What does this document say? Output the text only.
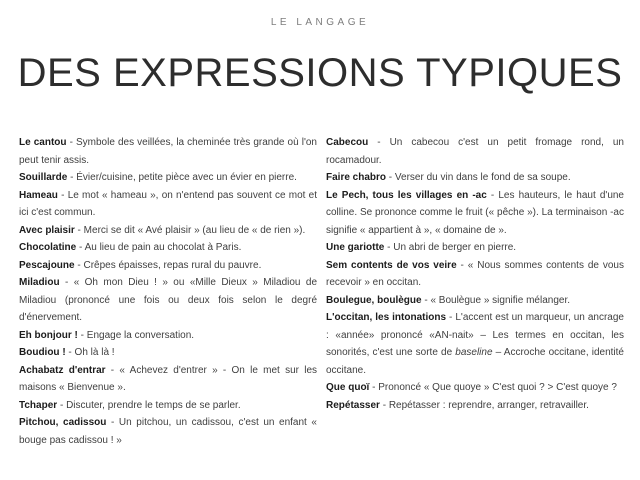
LE LANGAGE
DES EXPRESSIONS TYPIQUES

Le cantou - Symbole des veillées, la cheminée très grande où l'on peut tenir assis.

Souillarde - Évier/cuisine, petite pièce avec un évier en pierre.

Hameau - Le mot « hameau », on n'entend pas souvent ce mot et ici c'est commun.

Avec plaisir - Merci se dit « Avé plaisir » (au lieu de « de rien »).

Chocolatine - Au lieu de pain au chocolat à Paris.

Pescajoune - Crêpes épaisses, repas rural du pauvre.

Miladiou - « Oh mon Dieu ! » ou «Mille Dieux » Miladiou de Miladiou (prononcé une fois ou deux fois selon le degré d'énervement.

Eh bonjour ! - Engage la conversation.

Boudiou ! - Oh là là !

Achabatz d'entrar - « Achevez d'entrer » - On le met sur les maisons « Bienvenue ».

Tchaper - Discuter, prendre le temps de se parler.

Pitchou, cadissou - Un pitchou, un cadissou, c'est un enfant « bouge pas cadissou ! »

Cabecou - Un cabecou c'est un petit fromage rond, un rocamadour.

Faire chabro - Verser du vin dans le fond de sa soupe.

Le Pech, tous les villages en -ac - Les hauteurs, le haut d'une colline. Se prononce comme le fruit (« pêche »). La terminaison -ac signifie « appartient à », « domaine de ».

Une gariotte - Un abri de berger en pierre.

Sem contents de vos veire - « Nous sommes contents de vous recevoir » en occitan.

Boulegue, boulègue - « Boulègue » signifie mélanger.

L'occitan, les intonations - L'accent est un marqueur, un ancrage : «année» prononcé «AN-nait» – Les termes en occitan, les sonorités, c'est une sorte de baseline – Accroche occitane, identité occitane.

Que quoï - Prononcé « Que quoye » C'est quoi ? > C'est quoye ?

Repétasser - Repétasser : reprendre, arranger, retravailler.
